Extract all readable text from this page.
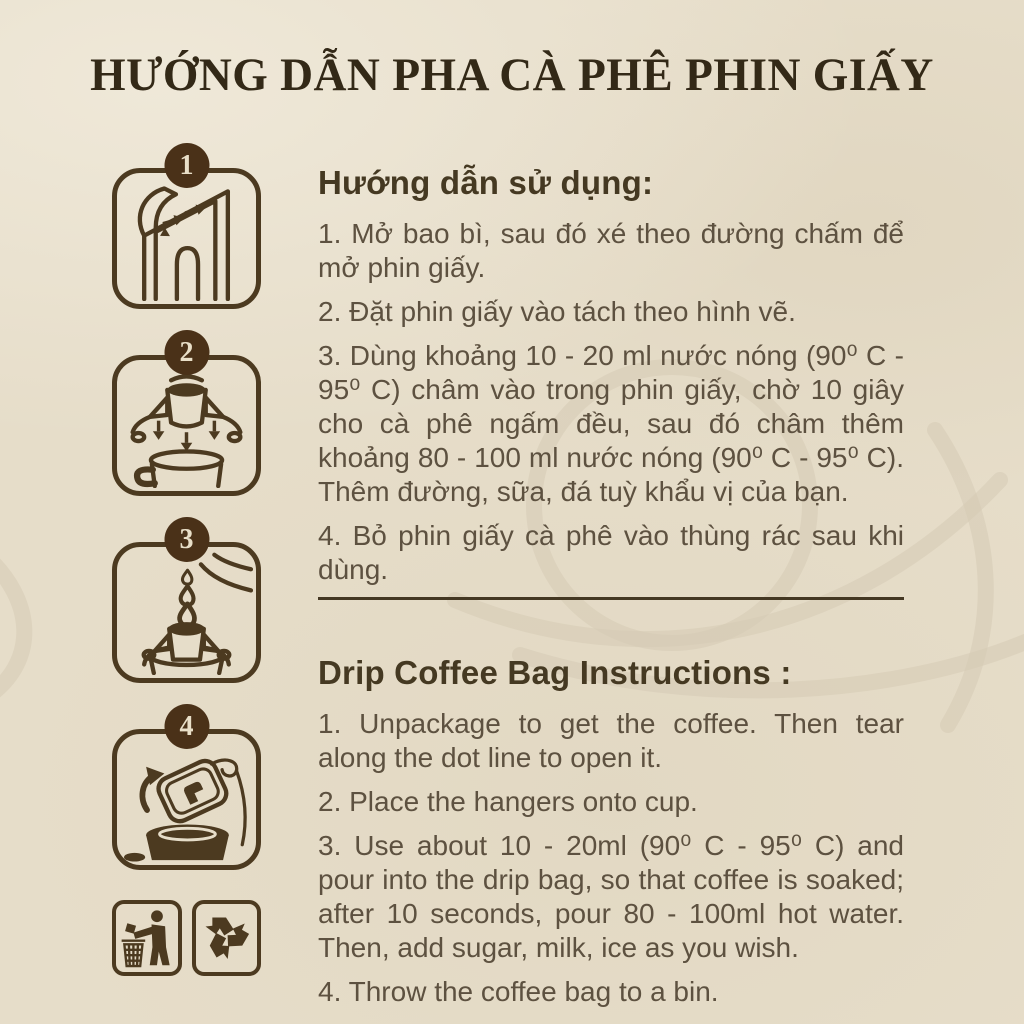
HƯỚNG DẪN PHA CÀ PHÊ PHIN GIẤY
1
2
3
4
Hướng dẫn sử dụng:

1. Mở bao bì, sau đó xé theo đường chấm để mở phin giấy.

2. Đặt phin giấy vào tách theo hình vẽ.

3. Dùng khoảng 10 - 20 ml nước nóng (90⁰ C - 95⁰ C) châm vào trong phin giấy, chờ 10 giây cho cà phê ngấm đều, sau đó châm thêm khoảng 80 - 100 ml nước nóng (90⁰ C - 95⁰ C). Thêm đường, sữa, đá tuỳ khẩu vị của bạn.

4. Bỏ phin giấy cà phê vào thùng rác sau khi dùng.

Drip Coffee Bag Instructions :

1. Unpackage to get the coffee. Then tear along the dot line to open it.

2. Place the hangers onto cup.

3. Use about 10 - 20ml (90⁰ C - 95⁰ C) and pour into the drip bag, so that coffee is soaked; after 10 seconds, pour 80 - 100ml hot water. Then, add sugar, milk, ice as you wish.

4. Throw the coffee bag to a bin.
